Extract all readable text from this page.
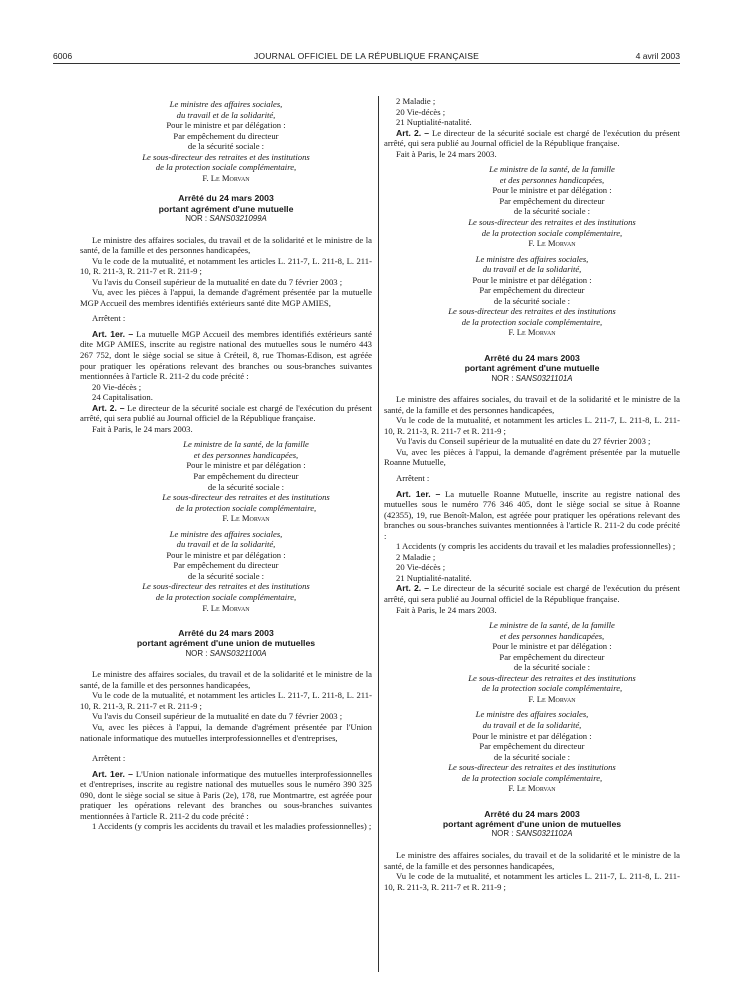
6006	JOURNAL OFFICIEL DE LA RÉPUBLIQUE FRANÇAISE	4 avril 2003

Le ministre des affaires sociales,

du travail et de la solidarité,

Pour le ministre et par délégation :

Par empêchement du directeur

de la sécurité sociale :

Le sous-directeur des retraites et des institutions

de la protection sociale complémentaire,

F. Le Morvan

Arrêté du 24 mars 2003

portant agrément d'une mutuelle

NOR : SANS0321099A

Le ministre des affaires sociales, du travail et de la solidarité et le ministre de la santé, de la famille et des personnes handicapées,

Vu le code de la mutualité, et notamment les articles L. 211-7, L. 211-8, L. 211-10, R. 211-3, R. 211-7 et R. 211-9 ;

Vu l'avis du Conseil supérieur de la mutualité en date du 7 février 2003 ;

Vu, avec les pièces à l'appui, la demande d'agrément présentée par la mutuelle MGP Accueil des membres identifiés extérieurs santé dite MGP AMIES,

Arrêtent :

Art. 1er. – La mutuelle MGP Accueil des membres identifiés extérieurs santé dite MGP AMIES, inscrite au registre national des mutuelles sous le numéro 443 267 752, dont le siège social se situe à Créteil, 8, rue Thomas-Edison, est agréée pour pratiquer les opérations relevant des branches ou sous-branches suivantes mentionnées à l'article R. 211-2 du code précité :

20 Vie-décès ;

24 Capitalisation.

Art. 2. – Le directeur de la sécurité sociale est chargé de l'exécution du présent arrêté, qui sera publié au Journal officiel de la République française.

Fait à Paris, le 24 mars 2003.

Le ministre de la santé, de la famille

et des personnes handicapées,

Pour le ministre et par délégation :

Par empêchement du directeur

de la sécurité sociale :

Le sous-directeur des retraites et des institutions

de la protection sociale complémentaire,

F. Le Morvan

Le ministre des affaires sociales,

du travail et de la solidarité,

Pour le ministre et par délégation :

Par empêchement du directeur

de la sécurité sociale :

Le sous-directeur des retraites et des institutions

de la protection sociale complémentaire,

F. Le Morvan

Arrêté du 24 mars 2003

portant agrément d'une union de mutuelles

NOR : SANS0321100A

Le ministre des affaires sociales, du travail et de la solidarité et le ministre de la santé, de la famille et des personnes handicapées,

Vu le code de la mutualité, et notamment les articles L. 211-7, L. 211-8, L. 211-10, R. 211-3, R. 211-7 et R. 211-9 ;

Vu l'avis du Conseil supérieur de la mutualité en date du 7 février 2003 ;

Vu, avec les pièces à l'appui, la demande d'agrément présentée par l'Union nationale informatique des mutuelles interprofessionnelles et d'entreprises,

Arrêtent :

Art. 1er. – L'Union nationale informatique des mutuelles interprofessionnelles et d'entreprises, inscrite au registre national des mutuelles sous le numéro 390 325 090, dont le siège social se situe à Paris (2e), 178, rue Montmartre, est agréée pour pratiquer les opérations relevant des branches ou sous-branches suivantes mentionnées à l'article R. 211-2 du code précité :

1 Accidents (y compris les accidents du travail et les maladies professionnelles) ;

2 Maladie ;

20 Vie-décès ;

21 Nuptialité-natalité.

Art. 2. – Le directeur de la sécurité sociale est chargé de l'exécution du présent arrêté, qui sera publié au Journal officiel de la République française.

Fait à Paris, le 24 mars 2003.

Le ministre de la santé, de la famille

et des personnes handicapées,

Pour le ministre et par délégation :

Par empêchement du directeur

de la sécurité sociale :

Le sous-directeur des retraites et des institutions

de la protection sociale complémentaire,

F. Le Morvan

Le ministre des affaires sociales,

du travail et de la solidarité,

Pour le ministre et par délégation :

Par empêchement du directeur

de la sécurité sociale :

Le sous-directeur des retraites et des institutions

de la protection sociale complémentaire,

F. Le Morvan

Arrêté du 24 mars 2003

portant agrément d'une mutuelle

NOR : SANS0321101A

Le ministre des affaires sociales, du travail et de la solidarité et le ministre de la santé, de la famille et des personnes handicapées,

Vu le code de la mutualité, et notamment les articles L. 211-7, L. 211-8, L. 211-10, R. 211-3, R. 211-7 et R. 211-9 ;

Vu l'avis du Conseil supérieur de la mutualité en date du 27 février 2003 ;

Vu, avec les pièces à l'appui, la demande d'agrément présentée par la mutuelle Roanne Mutuelle,

Arrêtent :

Art. 1er. – La mutuelle Roanne Mutuelle, inscrite au registre national des mutuelles sous le numéro 776 346 405, dont le siège social se situe à Roanne (42355), 19, rue Benoît-Malon, est agréée pour pratiquer les opérations relevant des branches ou sous-branches suivantes mentionnées à l'article R. 211-2 du code précité :

1 Accidents (y compris les accidents du travail et les maladies professionnelles) ;

2 Maladie ;

20 Vie-décès ;

21 Nuptialité-natalité.

Art. 2. – Le directeur de la sécurité sociale est chargé de l'exécution du présent arrêté, qui sera publié au Journal officiel de la République française.

Fait à Paris, le 24 mars 2003.

Le ministre de la santé, de la famille

et des personnes handicapées,

Pour le ministre et par délégation :

Par empêchement du directeur

de la sécurité sociale :

Le sous-directeur des retraites et des institutions

de la protection sociale complémentaire,

F. Le Morvan

Le ministre des affaires sociales,

du travail et de la solidarité,

Pour le ministre et par délégation :

Par empêchement du directeur

de la sécurité sociale :

Le sous-directeur des retraites et des institutions

de la protection sociale complémentaire,

F. Le Morvan

Arrêté du 24 mars 2003

portant agrément d'une union de mutuelles

NOR : SANS0321102A

Le ministre des affaires sociales, du travail et de la solidarité et le ministre de la santé, de la famille et des personnes handicapées,

Vu le code de la mutualité, et notamment les articles L. 211-7, L. 211-8, L. 211-10, R. 211-3, R. 211-7 et R. 211-9 ;
